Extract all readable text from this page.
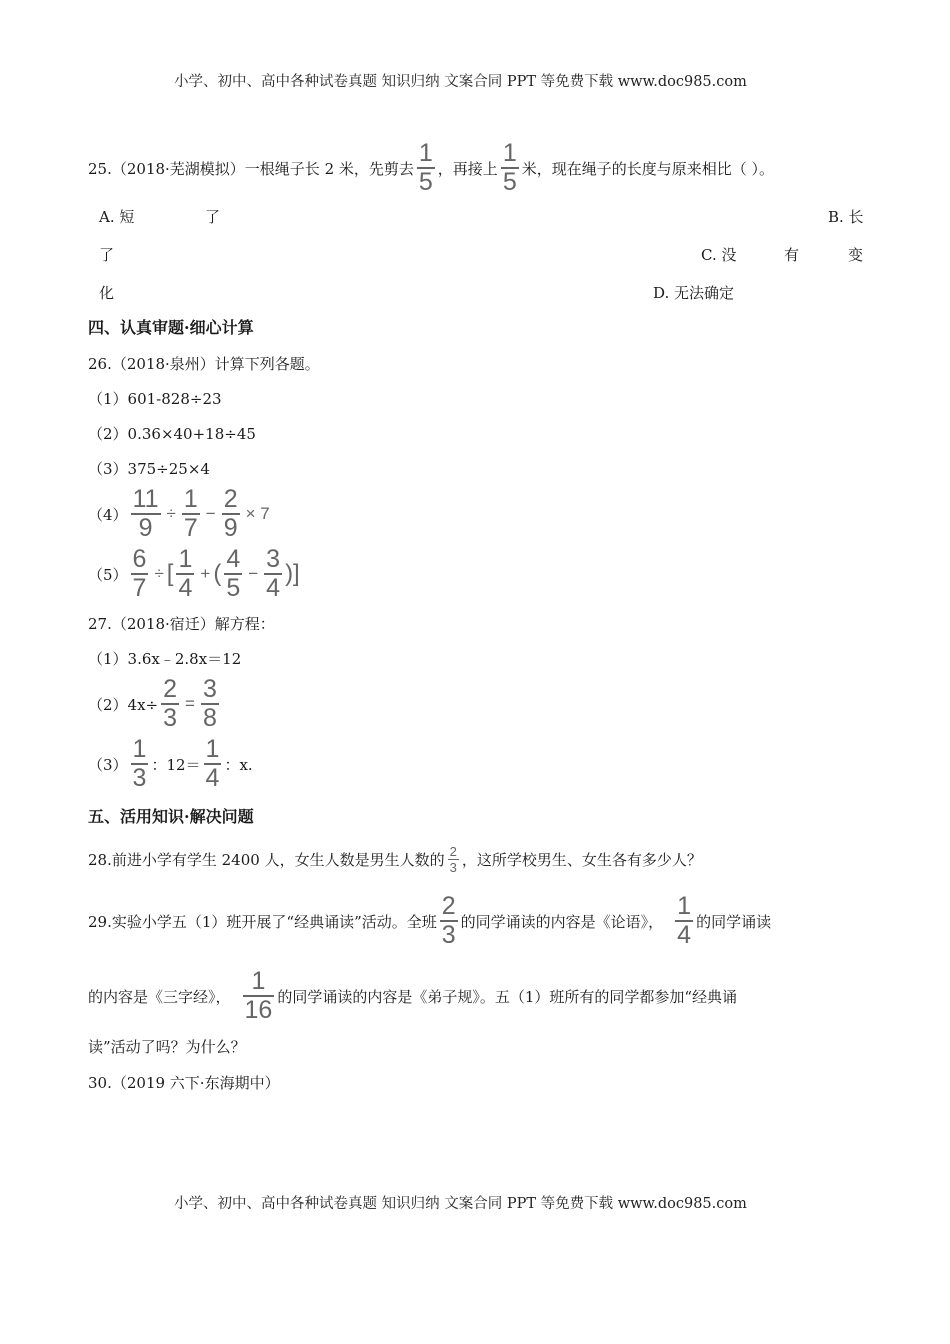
小学、初中、高中各种试卷真题 知识归纳 文案合同 PPT 等免费下载 www.doc985.com
25.（2018·芜湖模拟）一根绳子长 2 米，先剪去 $\frac{1}{5}$ ，再接上 $\frac{1}{5}$ 米，现在绳子的长度与原来相比（ ）。
A. 短	了	B. 长
了	C. 没	有	变
化	D. 无法确定
四、认真审题·细心计算
26.（2018·泉州）计算下列各题。
（1）601-828÷23
（2）0.36×40+18÷45
（3）375÷25×4
$(4) \frac{11}{9} \div \frac{1}{7} - \frac{2}{9} \times 7$
$(5) \frac{6}{7}$ ÷ [ $\frac{1}{4}$ + ( $\frac{4}{5} - \frac{3}{4}$ )]
27.（2018·宿迁）解方程：
（1）3.6x﹣2.8x＝12
$(2)4x\div \frac{2}{3} = \frac{3}{8}$
$(3) \frac{1}{3}$ ：$12= \frac{1}{4}$ ：x.
五、活用知识·解决问题
28.前进小学有学生 2400 人，女生人数是男生人数的 $\frac{2}{3}$ ，这所学校男生、女生各有多少人？
29.实验小学五（1）班开展了“经典诵读”活动。全班 $\frac{2}{3}$ 的同学诵读的内容是《论语》， $\frac{1}{4}$ 的同学诵读
的内容是《三字经》， $\frac{1}{16}$ 的同学诵读的内容是《弟子规》。五（1）班所有的同学都参加“经典诵
读”活动了吗？为什么？
30.（2019 六下·东海期中）
小学、初中、高中各种试卷真题 知识归纳 文案合同 PPT 等免费下载 www.doc985.com
